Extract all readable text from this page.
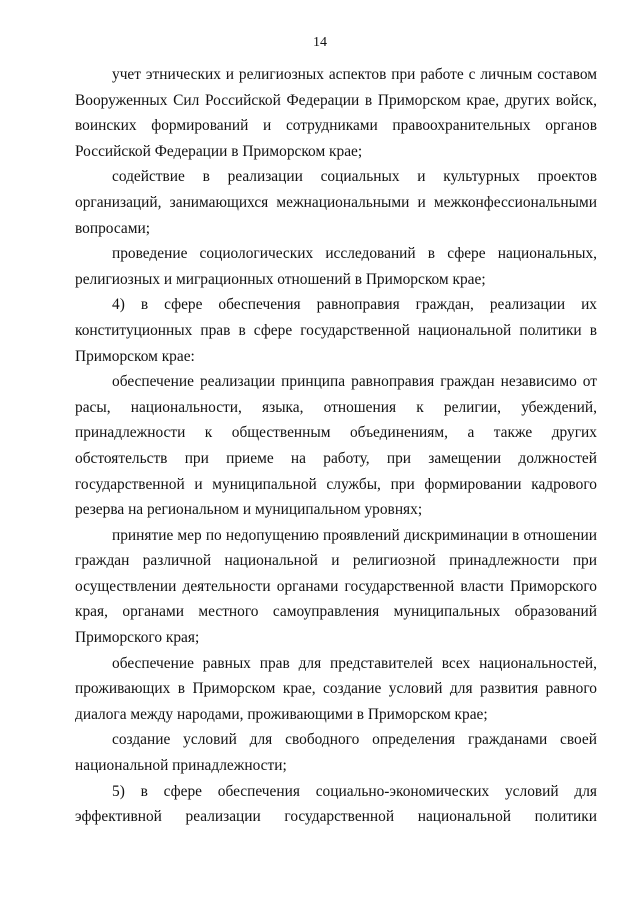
14

учет этнических и религиозных аспектов при работе с личным составом Вооруженных Сил Российской Федерации в Приморском крае, других войск, воинских формирований и сотрудниками правоохранительных органов Российской Федерации в Приморском крае;

содействие в реализации социальных и культурных проектов организаций, занимающихся межнациональными и межконфессиональными вопросами;

проведение социологических исследований в сфере национальных, религиозных и миграционных отношений в Приморском крае;

4) в сфере обеспечения равноправия граждан, реализации их конституционных прав в сфере государственной национальной политики в Приморском крае:

обеспечение реализации принципа равноправия граждан независимо от расы, национальности, языка, отношения к религии, убеждений, принадлежности к общественным объединениям, а также других обстоятельств при приеме на работу, при замещении должностей государственной и муниципальной службы, при формировании кадрового резерва на региональном и муниципальном уровнях;

принятие мер по недопущению проявлений дискриминации в отношении граждан различной национальной и религиозной принадлежности при осуществлении деятельности органами государственной власти Приморского края, органами местного самоуправления муниципальных образований Приморского края;

обеспечение равных прав для представителей всех национальностей, проживающих в Приморском крае, создание условий для развития равного диалога между народами, проживающими в Приморском крае;

создание условий для свободного определения гражданами своей национальной принадлежности;

5) в сфере обеспечения социально-экономических условий для эффективной реализации государственной национальной политики
